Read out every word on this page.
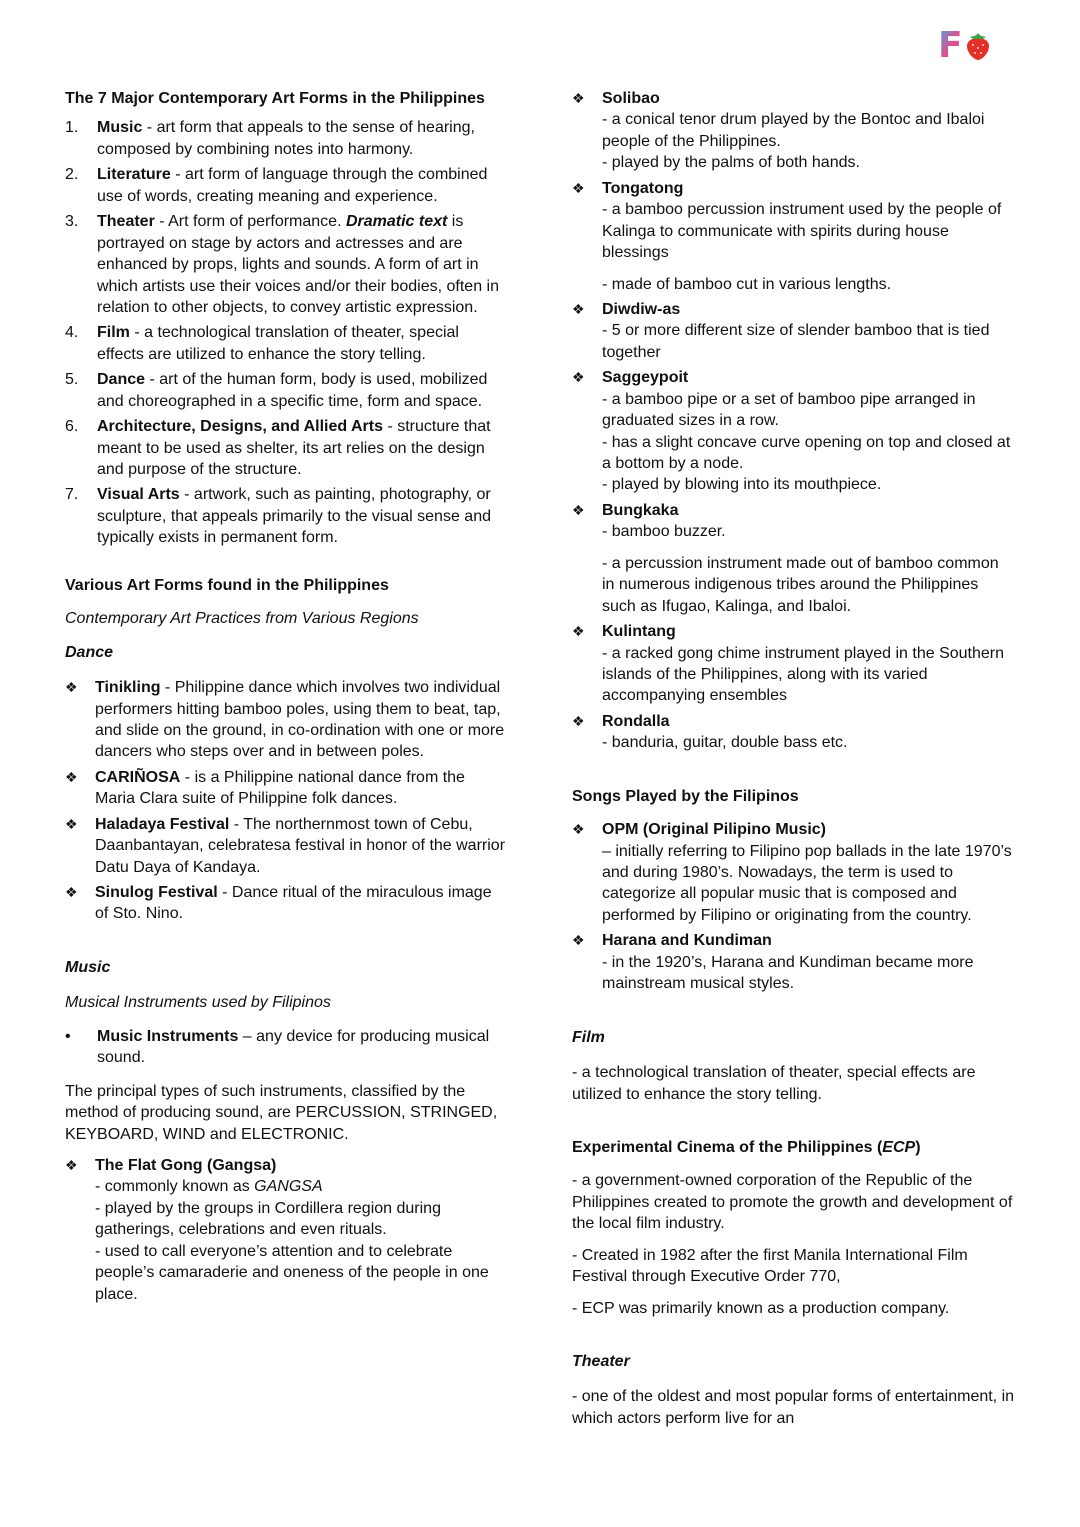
F

The 7 Major Contemporary Art Forms in the Philippines

1.	Music - art form that appeals to the sense of hearing, composed by combining notes into harmony.
2.	Literature - art form of language through the combined use of words, creating meaning and experience.
3.	Theater - Art form of performance. Dramatic text is portrayed on stage by actors and actresses and are enhanced by props, lights and sounds. A form of art in which artists use their voices and/or their bodies, often in relation to other objects, to convey artistic expression.
4.	Film - a technological translation of theater, special effects are utilized to enhance the story telling.
5.	Dance - art of the human form, body is used, mobilized and choreographed in a specific time, form and space.
6.	Architecture, Designs, and Allied Arts - structure that meant to be used as shelter, its art relies on the design and purpose of the structure.
7.	Visual Arts - artwork, such as painting, photography, or sculpture, that appeals primarily to the visual sense and typically exists in permanent form.

Various Art Forms found in the Philippines

Contemporary Art Practices from Various Regions

Dance

❖	Tinikling - Philippine dance which involves two individual performers hitting bamboo poles, using them to beat, tap, and slide on the ground, in co-ordination with one or more dancers who steps over and in between poles.
❖	CARIÑOSA - is a Philippine national dance from the Maria Clara suite of Philippine folk dances.
❖	Haladaya Festival - The northernmost town of Cebu, Daanbantayan, celebratesa festival in honor of the warrior Datu Daya of Kandaya.
❖	Sinulog Festival - Dance ritual of the miraculous image of Sto. Nino.

Music

Musical Instruments used by Filipinos

•	Music Instruments – any device for producing musical sound.

The principal types of such instruments, classified by the method of producing sound, are PERCUSSION, STRINGED, KEYBOARD, WIND and ELECTRONIC.

❖	The Flat Gong (Gangsa)
- commonly known as GANGSA
- played by the groups in Cordillera region during gatherings, celebrations and even rituals.
- used to call everyone’s attention and to celebrate people’s camaraderie and oneness of the people in one place.
❖	Solibao
- a conical tenor drum played by the Bontoc and Ibaloi people of the Philippines.
- played by the palms of both hands.
❖	Tongatong
- a bamboo percussion instrument used by the people of Kalinga to communicate with spirits during house blessings
- made of bamboo cut in various lengths.
❖	Diwdiw-as
- 5 or more different size of slender bamboo that is tied together
❖	Saggeypoit
- a bamboo pipe or a set of bamboo pipe arranged in graduated sizes in a row.
- has a slight concave curve opening on top and closed at a bottom by a node.
- played by blowing into its mouthpiece.
❖	Bungkaka
- bamboo buzzer.
- a percussion instrument made out of bamboo common in numerous indigenous tribes around the Philippines such as Ifugao, Kalinga, and Ibaloi.
❖	Kulintang
- a racked gong chime instrument played in the Southern islands of the Philippines, along with its varied accompanying ensembles
❖	Rondalla
- banduria, guitar, double bass etc.

Songs Played by the Filipinos

❖	OPM (Original Pilipino Music)
– initially referring to Filipino pop ballads in the late 1970’s and during 1980’s. Nowadays, the term is used to categorize all popular music that is composed and performed by Filipino or originating from the country.
❖	Harana and Kundiman
- in the 1920’s, Harana and Kundiman became more mainstream musical styles.

Film

- a technological translation of theater, special effects are utilized to enhance the story telling.

Experimental Cinema of the Philippines (ECP)

- a government-owned corporation of the Republic of the Philippines created to promote the growth and development of the local film industry.

- Created in 1982 after the first Manila International Film Festival through Executive Order 770,

- ECP was primarily known as a production company.

Theater

- one of the oldest and most popular forms of entertainment, in which actors perform live for an
